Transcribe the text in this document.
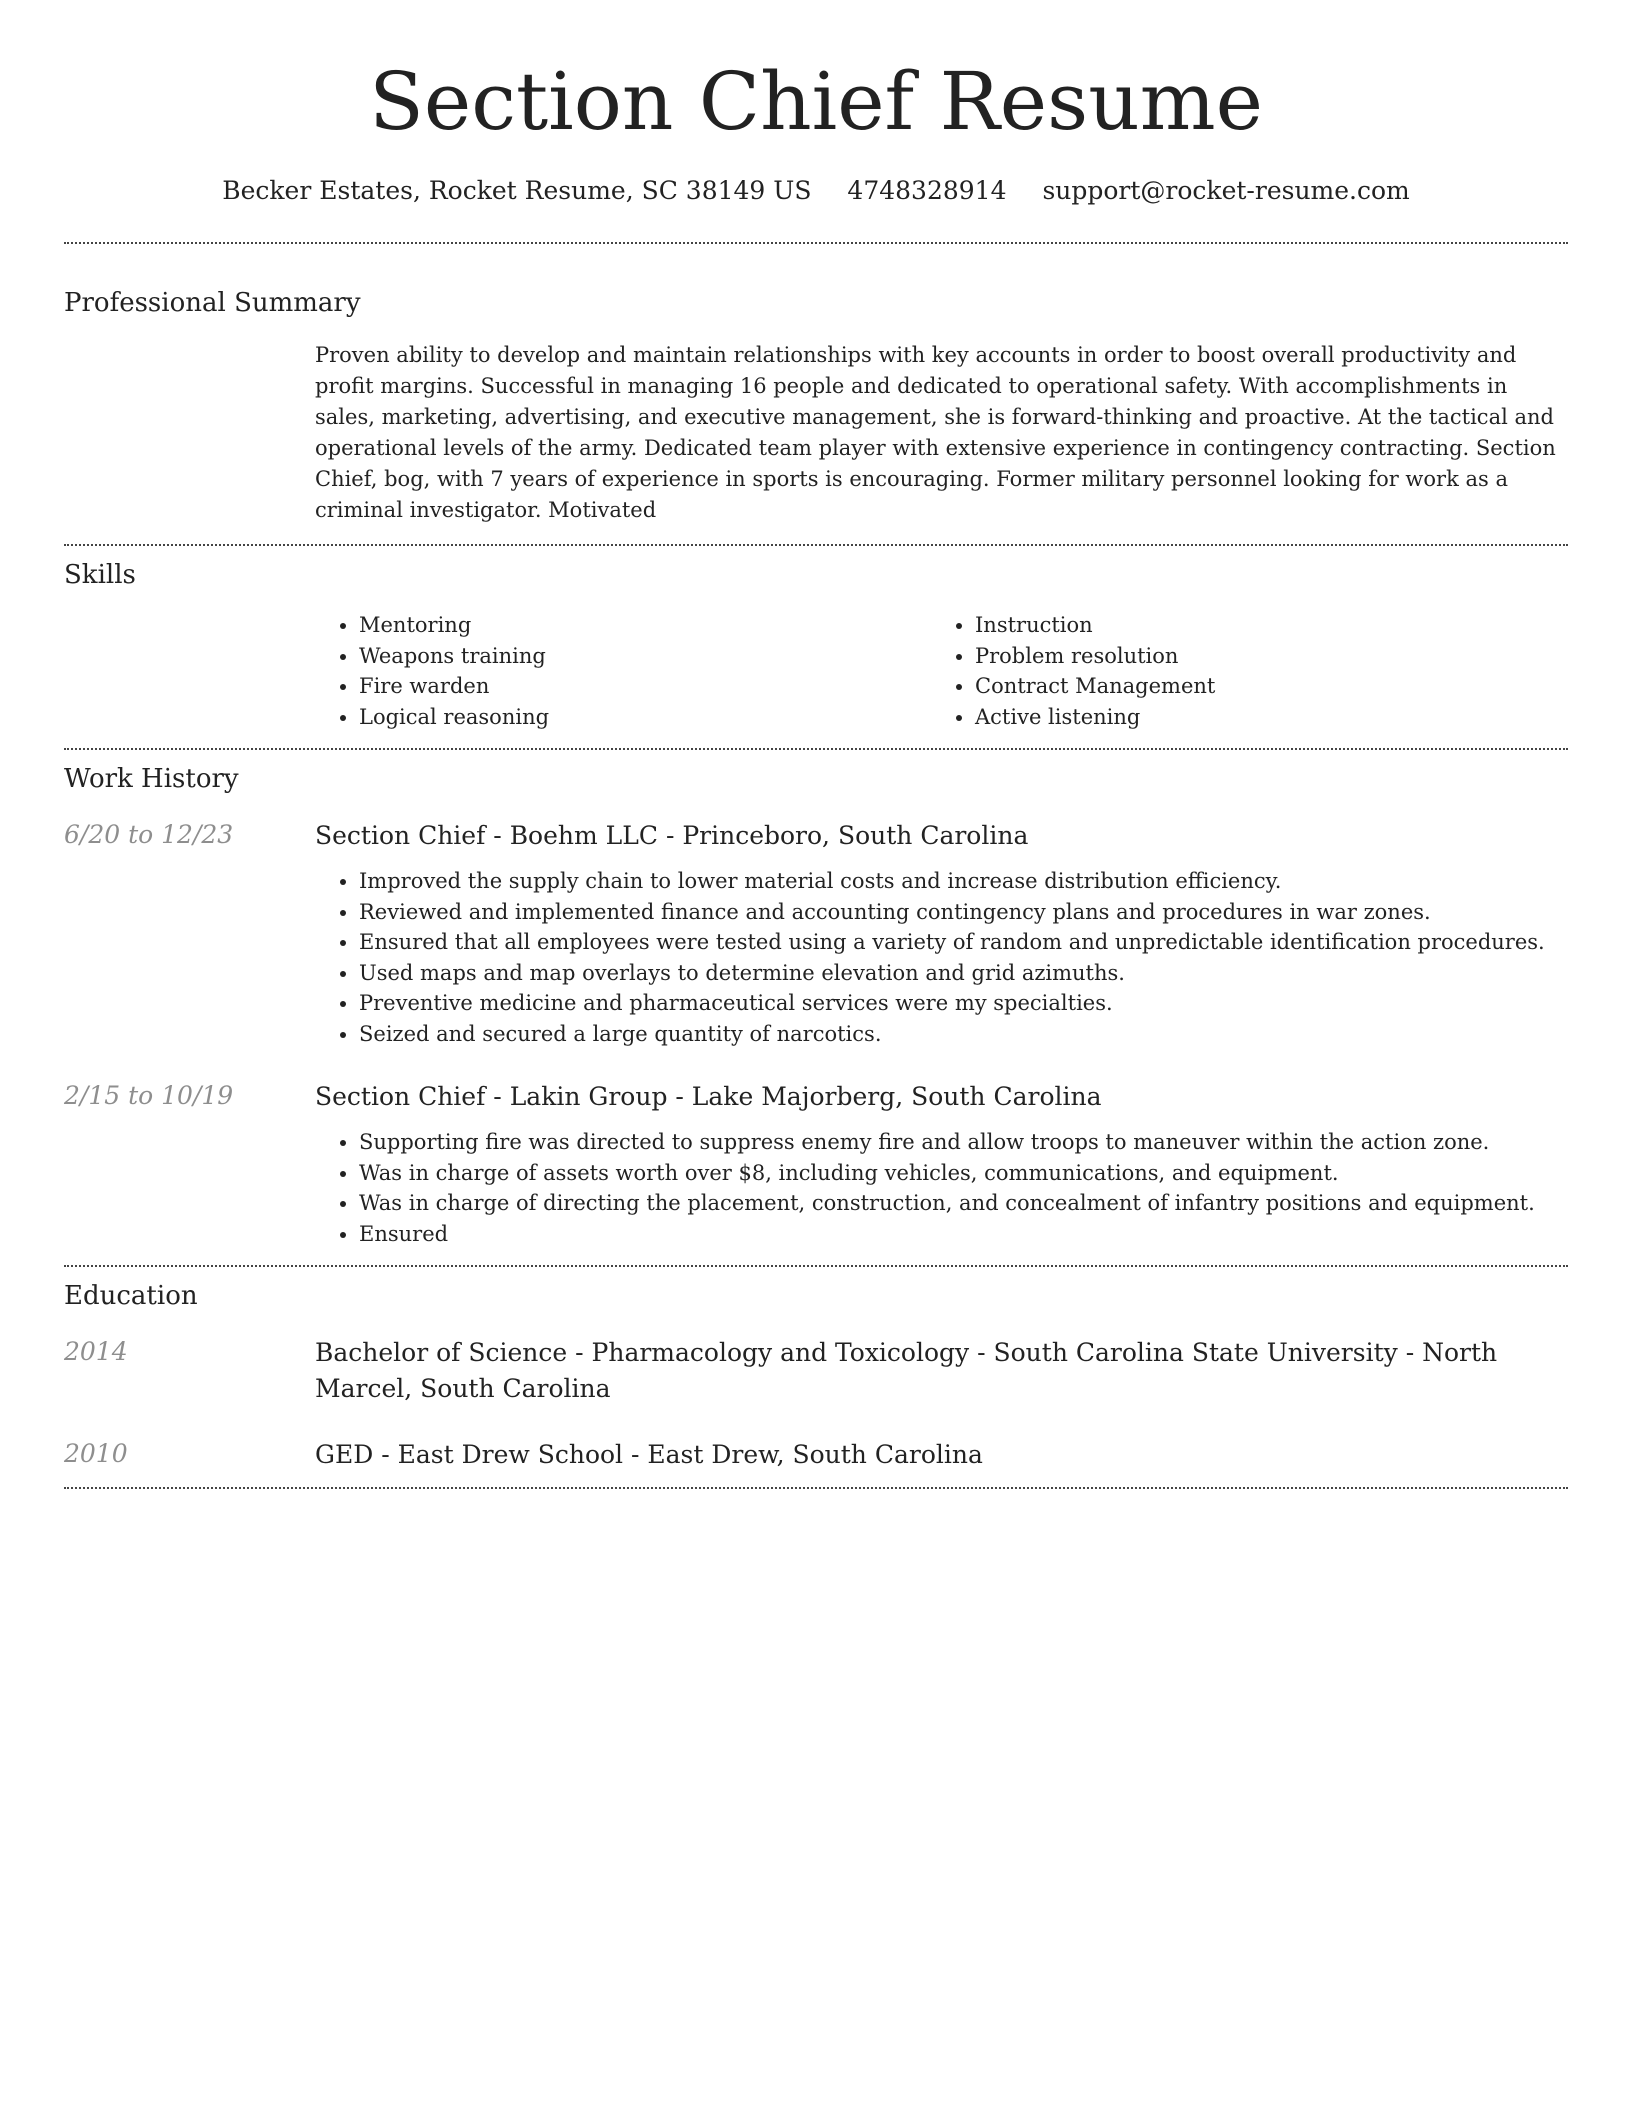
Section Chief Resume
Becker Estates, Rocket Resume, SC 38149 US 4748328914 support@rocket-resume.com
Professional Summary
Proven ability to develop and maintain relationships with key accounts in order to boost overall productivity and profit margins. Successful in managing 16 people and dedicated to operational safety. With accomplishments in sales, marketing, advertising, and executive management, she is forward-thinking and proactive. At the tactical and operational levels of the army. Dedicated team player with extensive experience in contingency contracting. Section Chief, bog, with 7 years of experience in sports is encouraging. Former military personnel looking for work as a criminal investigator. Motivated
Skills
• Mentoring
• Weapons training
• Fire warden
• Logical reasoning
• Instruction
• Problem resolution
• Contract Management
• Active listening
Work History
6/20 to 12/23	Section Chief - Boehm LLC - Princeboro, South Carolina
• Improved the supply chain to lower material costs and increase distribution efficiency.
• Reviewed and implemented finance and accounting contingency plans and procedures in war zones.
• Ensured that all employees were tested using a variety of random and unpredictable identification procedures.
• Used maps and map overlays to determine elevation and grid azimuths.
• Preventive medicine and pharmaceutical services were my specialties.
• Seized and secured a large quantity of narcotics.
2/15 to 10/19	Section Chief - Lakin Group - Lake Majorberg, South Carolina
• Supporting fire was directed to suppress enemy fire and allow troops to maneuver within the action zone.
• Was in charge of assets worth over $8, including vehicles, communications, and equipment.
• Was in charge of directing the placement, construction, and concealment of infantry positions and equipment.
• Ensured
Education
2014	Bachelor of Science - Pharmacology and Toxicology - South Carolina State University - North Marcel, South Carolina
2010	GED - East Drew School - East Drew, South Carolina
